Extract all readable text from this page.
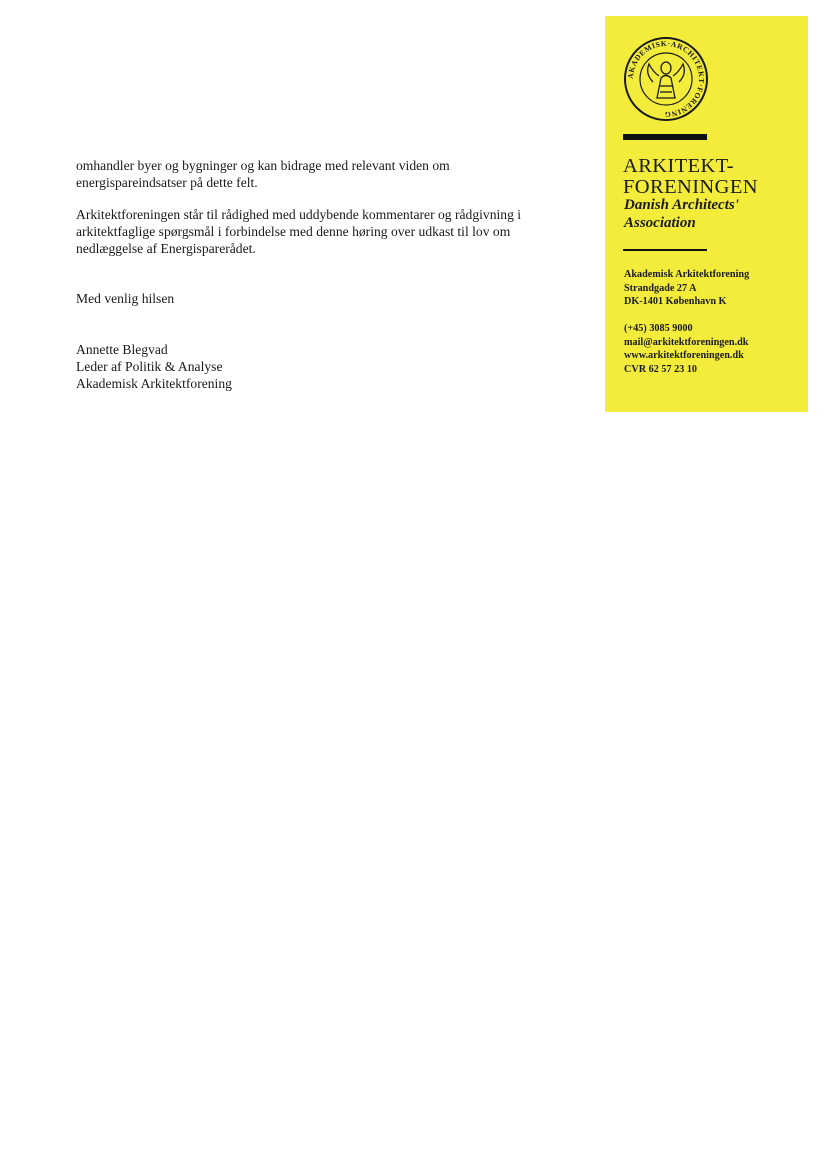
omhandler byer og bygninger og kan bidrage med relevant viden om energispareindsatser på dette felt.

Arkitektforeningen står til rådighed med uddybende kommentarer og rådgivning i arkitektfaglige spørgsmål i forbindelse med denne høring over udkast til lov om nedlæggelse af Energisparerådet.

Med venlig hilsen
Annette Blegvad
Leder af Politik & Analyse
Akademisk Arkitektforening
AKADEMISK·ARCHITEKT·FORENING
ARKITEKT-
FORENINGEN
Danish Architects'
Association
Akademisk Arkitektforening
Strandgade 27 A
DK-1401 København K
(+45) 3085 9000
mail@arkitektforeningen.dk
www.arkitektforeningen.dk
CVR 62 57 23 10
